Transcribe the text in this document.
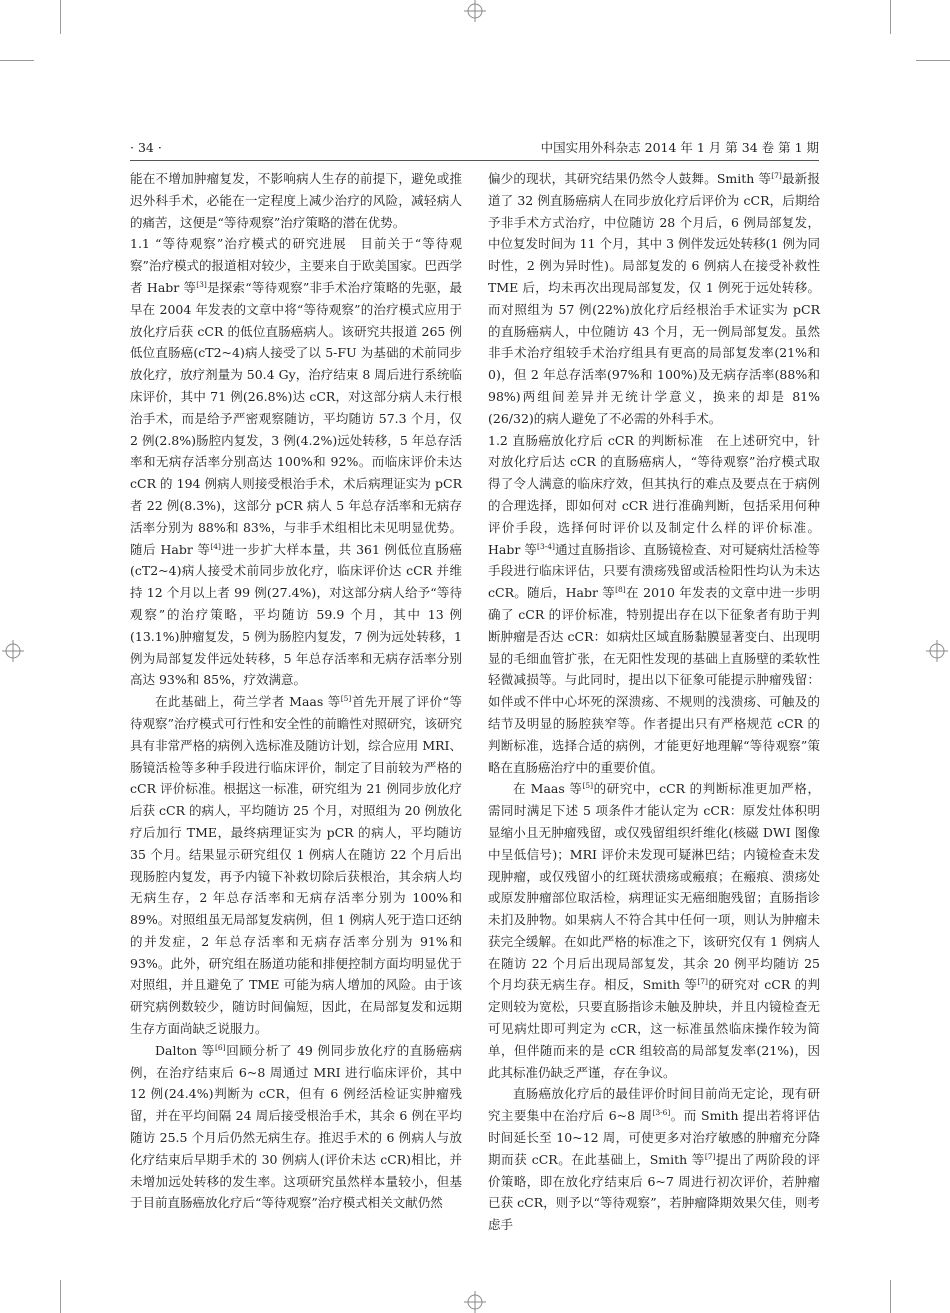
· 34 ·	中国实用外科杂志 2014 年 1 月 第 34 卷 第 1 期

能在不增加肿瘤复发，不影响病人生存的前提下，避免或推迟外科手术，必能在一定程度上减少治疗的风险，减轻病人的痛苦，这便是“等待观察”治疗策略的潜在优势。

1.1 “等待观察”治疗模式的研究进展　 目前关于“等待观察”治疗模式的报道相对较少，主要来自于欧美国家。巴西学者 Habr 等[3]是探索“等待观察”非手术治疗策略的先驱，最早在 2004 年发表的文章中将“等待观察”的治疗模式应用于放化疗后获 cCR 的低位直肠癌病人。该研究共报道 265 例低位直肠癌(cT2~4)病人接受了以 5-FU 为基础的术前同步放化疗，放疗剂量为 50.4 Gy，治疗结束 8 周后进行系统临床评价，其中 71 例(26.8%)达 cCR，对这部分病人未行根治手术，而是给予严密观察随访，平均随访 57.3 个月，仅 2 例(2.8%)肠腔内复发，3 例(4.2%)远处转移，5 年总存活率和无病存活率分别高达 100%和 92%。而临床评价未达 cCR 的 194 例病人则接受根治手术，术后病理证实为 pCR 者 22 例(8.3%)，这部分 pCR 病人 5 年总存活率和无病存活率分别为 88%和 83%，与非手术组相比未见明显优势。随后 Habr 等[4]进一步扩大样本量，共 361 例低位直肠癌(cT2~4)病人接受术前同步放化疗，临床评价达 cCR 并维持 12 个月以上者 99 例(27.4%)，对这部分病人给予“等待观察”的治疗策略，平均随访 59.9 个月，其中 13 例(13.1%)肿瘤复发，5 例为肠腔内复发，7 例为远处转移，1 例为局部复发伴远处转移，5 年总存活率和无病存活率分别高达 93%和 85%，疗效满意。

在此基础上，荷兰学者 Maas 等[5]首先开展了评价“等待观察”治疗模式可行性和安全性的前瞻性对照研究，该研究具有非常严格的病例入选标准及随访计划，综合应用 MRI、肠镜活检等多种手段进行临床评价，制定了目前较为严格的 cCR 评价标准。根据这一标准，研究组为 21 例同步放化疗后获 cCR 的病人，平均随访 25 个月，对照组为 20 例放化疗后加行 TME，最终病理证实为 pCR 的病人，平均随访 35 个月。结果显示研究组仅 1 例病人在随访 22 个月后出现肠腔内复发，再予内镜下补救切除后获根治，其余病人均无病生存，2 年总存活率和无病存活率分别为 100%和 89%。对照组虽无局部复发病例，但 1 例病人死于造口还纳的并发症，2 年总存活率和无病存活率分别为 91%和 93%。此外，研究组在肠道功能和排便控制方面均明显优于对照组，并且避免了 TME 可能为病人增加的风险。由于该研究病例数较少，随访时间偏短，因此，在局部复发和远期生存方面尚缺乏说服力。

Dalton 等[6]回顾分析了 49 例同步放化疗的直肠癌病例，在治疗结束后 6~8 周通过 MRI 进行临床评价，其中 12 例(24.4%)判断为 cCR，但有 6 例经活检证实肿瘤残留，并在平均间隔 24 周后接受根治手术，其余 6 例在平均随访 25.5 个月后仍然无病生存。推迟手术的 6 例病人与放化疗结束后早期手术的 30 例病人(评价未达 cCR)相比，并未增加远处转移的发生率。这项研究虽然样本量较小，但基于目前直肠癌放化疗后“等待观察”治疗模式相关文献仍然

偏少的现状，其研究结果仍然令人鼓舞。Smith 等[7]最新报道了 32 例直肠癌病人在同步放化疗后评价为 cCR，后期给予非手术方式治疗，中位随访 28 个月后，6 例局部复发，中位复发时间为 11 个月，其中 3 例伴发远处转移(1 例为同时性，2 例为异时性)。局部复发的 6 例病人在接受补救性 TME 后，均未再次出现局部复发，仅 1 例死于远处转移。而对照组为 57 例(22%)放化疗后经根治手术证实为 pCR 的直肠癌病人，中位随访 43 个月，无一例局部复发。虽然非手术治疗组较手术治疗组具有更高的局部复发率(21%和 0)，但 2 年总存活率(97%和 100%)及无病存活率(88%和 98%)两组间差异并无统计学意义，换来的却是 81%(26/32)的病人避免了不必需的外科手术。

1.2 直肠癌放化疗后 cCR 的判断标准　 在上述研究中，针对放化疗后达 cCR 的直肠癌病人，“等待观察”治疗模式取得了令人满意的临床疗效，但其执行的难点及要点在于病例的合理选择，即如何对 cCR 进行准确判断，包括采用何种评价手段，选择何时评价以及制定什么样的评价标准。Habr 等[3-4]通过直肠指诊、直肠镜检查、对可疑病灶活检等手段进行临床评估，只要有溃疡残留或活检阳性均认为未达 cCR。随后，Habr 等[8]在 2010 年发表的文章中进一步明确了 cCR 的评价标准，特别提出存在以下征象者有助于判断肿瘤是否达 cCR：如病灶区域直肠黏膜显著变白、出现明显的毛细血管扩张，在无阳性发现的基础上直肠壁的柔软性轻微减损等。与此同时，提出以下征象可能提示肿瘤残留：如伴或不伴中心坏死的深溃疡、不规则的浅溃疡、可触及的结节及明显的肠腔狭窄等。作者提出只有严格规范 cCR 的判断标准，选择合适的病例，才能更好地理解“等待观察”策略在直肠癌治疗中的重要价值。

在 Maas 等[5]的研究中，cCR 的判断标准更加严格，需同时满足下述 5 项条件才能认定为 cCR：原发灶体积明显缩小且无肿瘤残留，或仅残留组织纤维化(核磁 DWI 图像中呈低信号)；MRI 评价未发现可疑淋巴结；内镜检查未发现肿瘤，或仅残留小的红斑状溃疡或瘢痕；在瘢痕、溃疡处或原发肿瘤部位取活检，病理证实无癌细胞残留；直肠指诊未扪及肿物。如果病人不符合其中任何一项，则认为肿瘤未获完全缓解。在如此严格的标准之下，该研究仅有 1 例病人在随访 22 个月后出现局部复发，其余 20 例平均随访 25 个月均获无病生存。相反，Smith 等[7]的研究对 cCR 的判定则较为宽松，只要直肠指诊未触及肿块，并且内镜检查无可见病灶即可判定为 cCR，这一标准虽然临床操作较为简单，但伴随而来的是 cCR 组较高的局部复发率(21%)，因此其标准仍缺乏严谨，存在争议。

直肠癌放化疗后的最佳评价时间目前尚无定论，现有研究主要集中在治疗后 6~8 周[3-6]。而 Smith 提出若将评估时间延长至 10~12 周，可使更多对治疗敏感的肿瘤充分降期而获 cCR。在此基础上，Smith 等[7]提出了两阶段的评价策略，即在放化疗结束后 6~7 周进行初次评价，若肿瘤已获 cCR，则予以“等待观察”，若肿瘤降期效果欠佳，则考虑手
